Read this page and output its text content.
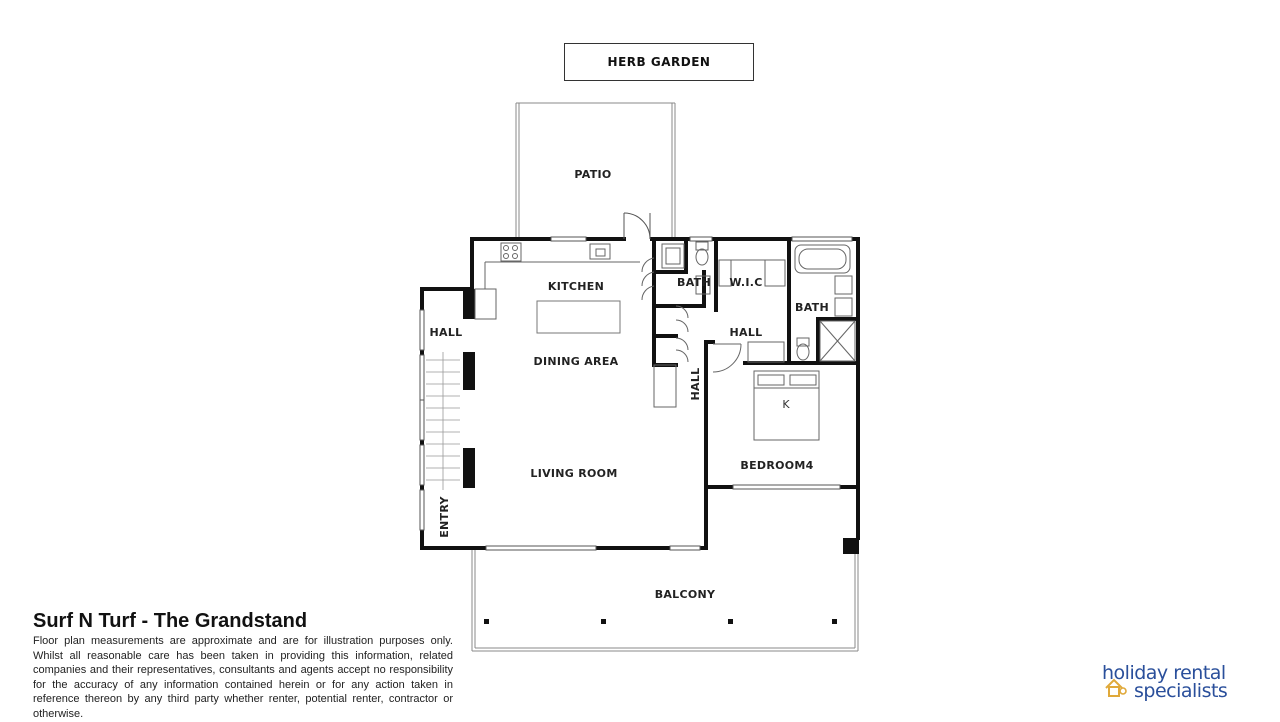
HERB GARDEN
PATIO
KITCHEN
DINING AREA
LIVING ROOM
HALL
ENTRY
BATH W.I.C
BATH
HALL
HALL
K
BEDROOM4
BALCONY
Surf N Turf - The Grandstand
Floor plan measurements are approximate and are for illustration purposes only. Whilst all reasonable care has been taken in providing this information, related companies and their representatives, consultants and agents accept no responsibility for the accuracy of any information contained herein or for any action taken in reference thereon by any third party whether renter, potential renter, contractor or otherwise.
holiday rental
specialists
